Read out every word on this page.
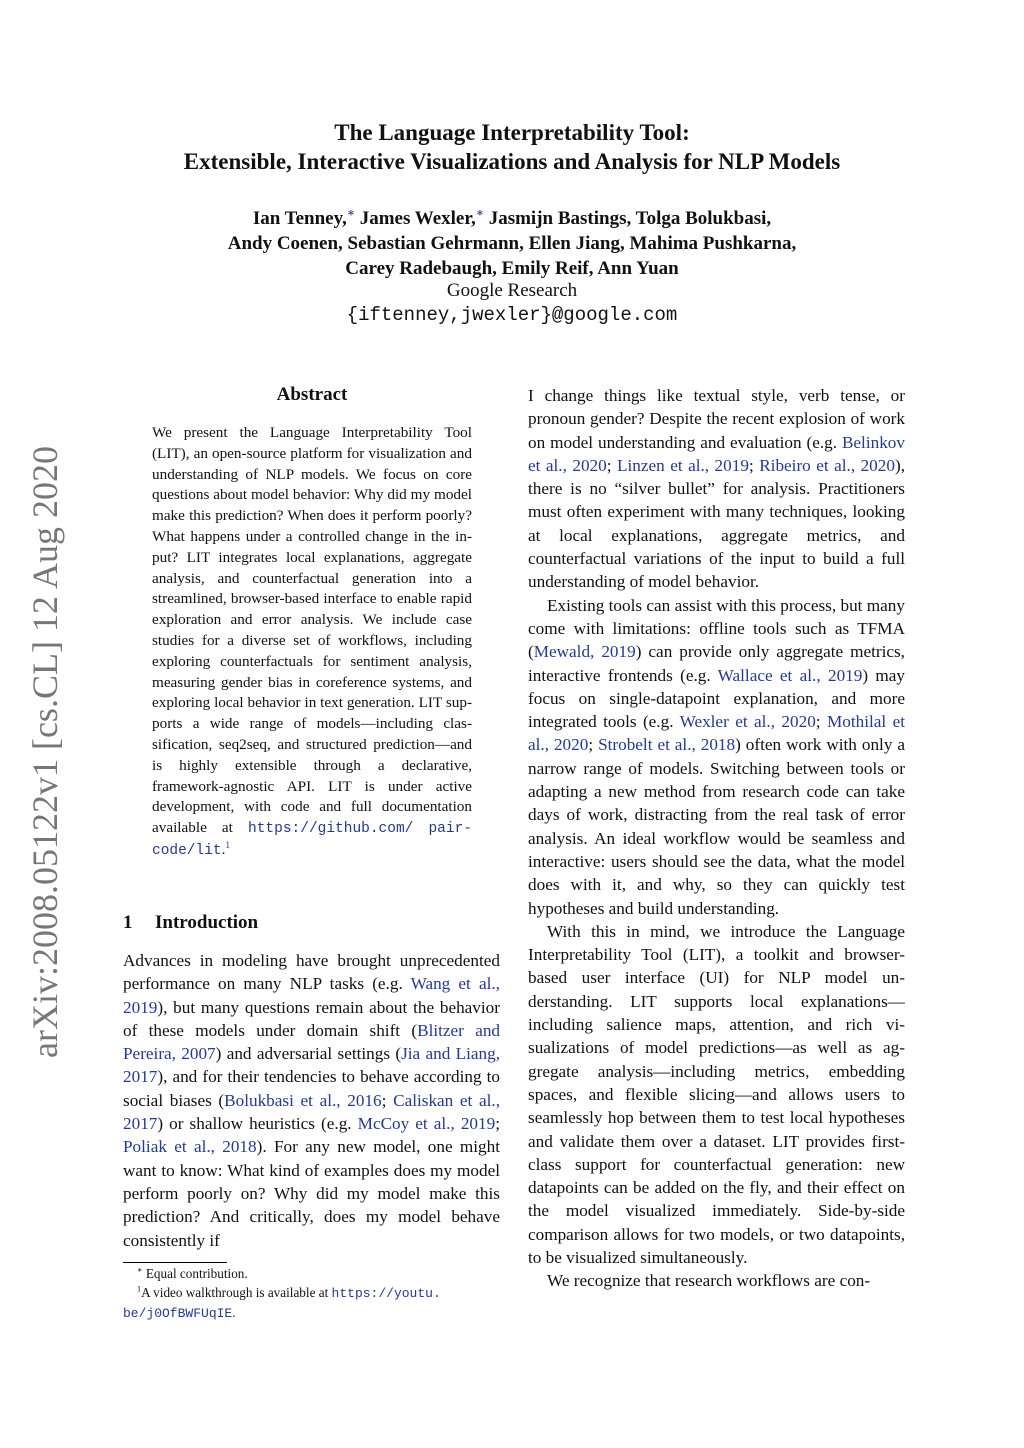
The Language Interpretability Tool:
Extensible, Interactive Visualizations and Analysis for NLP Models
Ian Tenney,∗ James Wexler,∗ Jasmijn Bastings, Tolga Bolukbasi,
Andy Coenen, Sebastian Gehrmann, Ellen Jiang, Mahima Pushkarna,
Carey Radebaugh, Emily Reif, Ann Yuan
Google Research
{iftenney,jwexler}@google.com
arXiv:2008.05122v1 [cs.CL] 12 Aug 2020
Abstract
We present the Language Interpretability Tool (LIT), an open-source platform for visualization and understanding of NLP models. We focus on core questions about model behavior: Why did my model make this prediction? When does it perform poorly? What happens under a controlled change in the input? LIT integrates local explanations, aggregate analysis, and counterfactual generation into a streamlined, browser-based interface to enable rapid exploration and error analysis. We include case studies for a diverse set of workflows, including exploring counterfactuals for sentiment analysis, measuring gender bias in coreference systems, and exploring local behavior in text generation. LIT supports a wide range of models—including classification, seq2seq, and structured prediction—and is highly extensible through a declarative, framework-agnostic API. LIT is under active development, with code and full documentation available at https://github.com/ pair-code/lit.$^1$
1 Introduction
Advances in modeling have brought unprecedented performance on many NLP tasks (e.g. Wang et al., 2019), but many questions remain about the behavior of these models under domain shift (Blitzer and Pereira, 2007) and adversarial settings (Jia and Liang, 2017), and for their tendencies to behave according to social biases (Bolukbasi et al., 2016; Caliskan et al., 2017) or shallow heuristics (e.g. McCoy et al., 2019; Poliak et al., 2018). For any new model, one might want to know: What kind of examples does my model perform poorly on? Why did my model make this prediction? And critically, does my model behave consistently if

I change things like textual style, verb tense, or pronoun gender? Despite the recent explosion of work on model understanding and evaluation (e.g. Belinkov et al., 2020; Linzen et al., 2019; Ribeiro et al., 2020), there is no “silver bullet” for analysis. Practitioners must often experiment with many techniques, looking at local explanations, aggregate metrics, and counterfactual variations of the input to build a full understanding of model behavior.

Existing tools can assist with this process, but many come with limitations: offline tools such as TFMA (Mewald, 2019) can provide only aggregate metrics, interactive frontends (e.g. Wallace et al., 2019) may focus on single-datapoint explanation, and more integrated tools (e.g. Wexler et al., 2020; Mothilal et al., 2020; Strobelt et al., 2018) often work with only a narrow range of models. Switching between tools or adapting a new method from research code can take days of work, distracting from the real task of error analysis. An ideal workflow would be seamless and interactive: users should see the data, what the model does with it, and why, so they can quickly test hypotheses and build understanding.

With this in mind, we introduce the Language Interpretability Tool (LIT), a toolkit and browser-based user interface (UI) for NLP model understanding. LIT supports local explanations—including salience maps, attention, and rich visualizations of model predictions—as well as aggregate analysis—including metrics, embedding spaces, and flexible slicing—and allows users to seamlessly hop between them to test local hypotheses and validate them over a dataset. LIT provides first-class support for counterfactual generation: new datapoints can be added on the fly, and their effect on the model visualized immediately. Side-by-side comparison allows for two models, or two datapoints, to be visualized simultaneously.

We recognize that research workflows are con-

∗ Equal contribution.
$^1$A video walkthrough is available at https://youtu. be/j0OfBWFUqIE.
